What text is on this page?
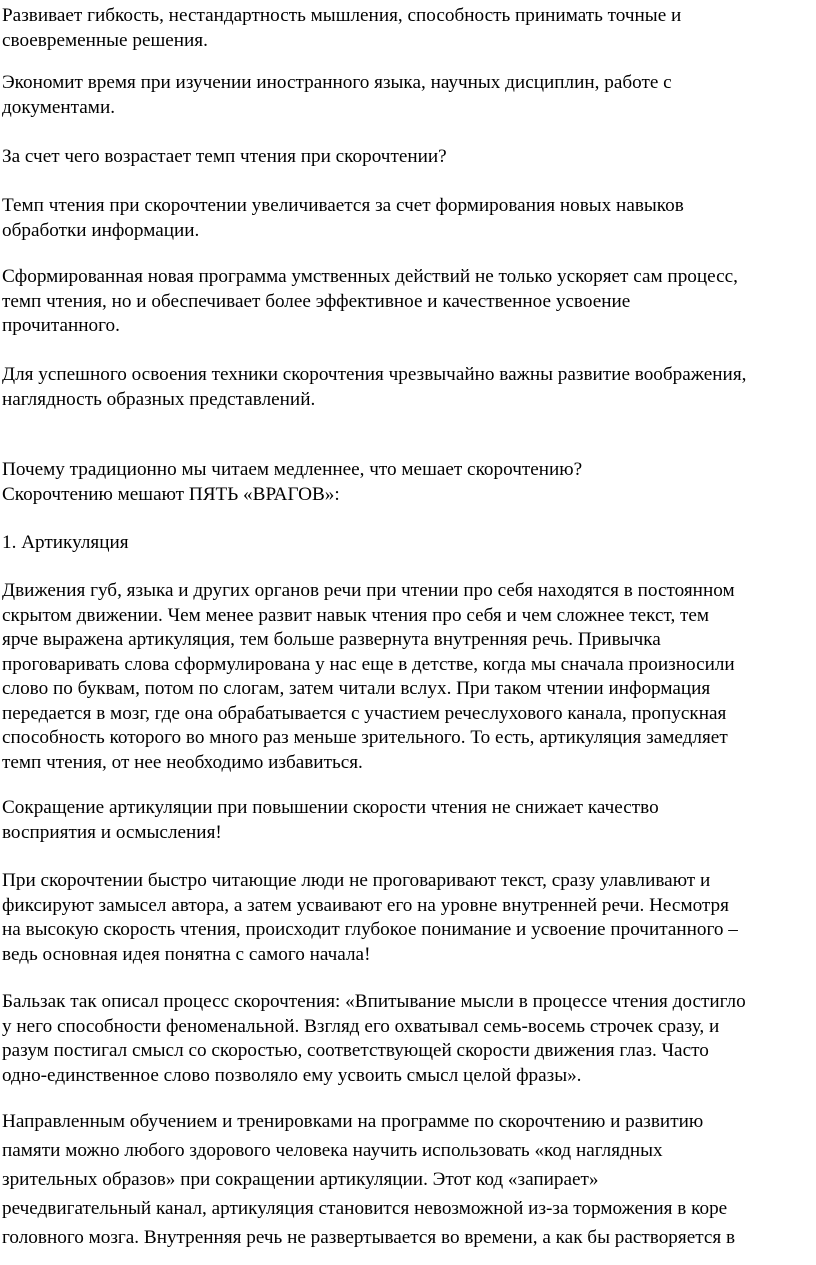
Развивает гибкость, нестандартность мышления, способность принимать точные и
своевременные решения.

Экономит время при изучении иностранного языка, научных дисциплин, работе с
документами.

За счет чего возрастает темп чтения при скорочтении?

Темп чтения при скорочтении увеличивается за счет формирования новых навыков
обработки информации.

Сформированная новая программа умственных действий не только ускоряет сам процесс,
темп чтения, но и обеспечивает более эффективное и качественное усвоение
прочитанного.

Для успешного освоения техники скорочтения чрезвычайно важны развитие воображения,
наглядность образных представлений.

Почему традиционно мы читаем медленнее, что мешает скорочтению?
Скорочтению мешают ПЯТЬ «ВРАГОВ»:

1. Артикуляция

Движения губ, языка и других органов речи при чтении про себя находятся в постоянном
скрытом движении. Чем менее развит навык чтения про себя и чем сложнее текст, тем
ярче выражена артикуляция, тем больше развернута внутренняя речь. Привычка
проговаривать слова сформулирована у нас еще в детстве, когда мы сначала произносили
слово по буквам, потом по слогам, затем читали вслух. При таком чтении информация
передается в мозг, где она обрабатывается с участием речеслухового канала, пропускная
способность которого во много раз меньше зрительного. То есть, артикуляция замедляет
темп чтения, от нее необходимо избавиться.

Сокращение артикуляции при повышении скорости чтения не снижает качество
восприятия и осмысления!

При скорочтении быстро читающие люди не проговаривают текст, сразу улавливают и
фиксируют замысел автора, а затем усваивают его на уровне внутренней речи. Несмотря
на высокую скорость чтения, происходит глубокое понимание и усвоение прочитанного –
ведь основная идея понятна с самого начала!

Бальзак так описал процесс скорочтения: «Впитывание мысли в процессе чтения достигло
у него способности феноменальной. Взгляд его охватывал семь-восемь строчек сразу, и
разум постигал смысл со скоростью, соответствующей скорости движения глаз. Часто
одно-единственное слово позволяло ему усвоить смысл целой фразы».

Направленным обучением и тренировками на программе по скорочтению и развитию
памяти можно любого здорового человека научить использовать «код наглядных
зрительных образов» при сокращении артикуляции. Этот код «запирает»
речедвигательный канал, артикуляция становится невозможной из-за торможения в коре
головного мозга. Внутренняя речь не развертывается во времени, а как бы растворяется в
